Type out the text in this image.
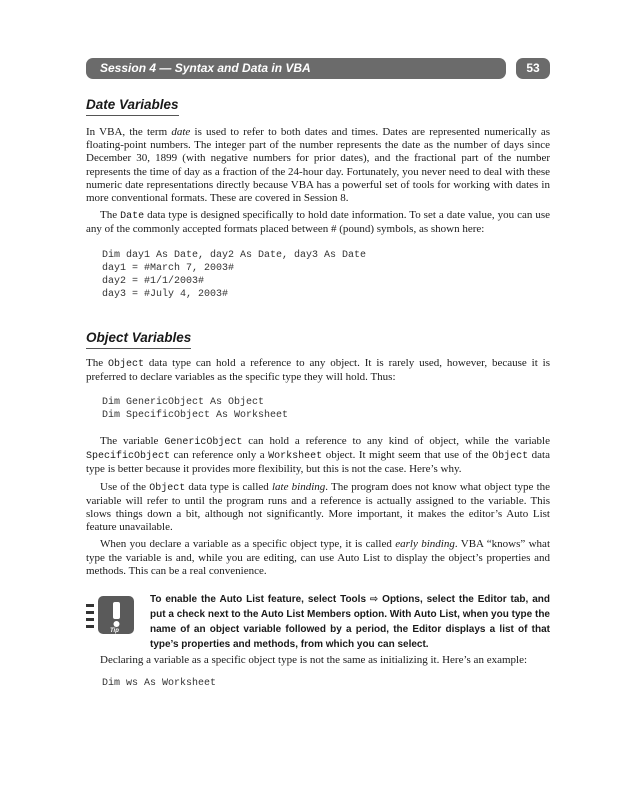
Session 4 — Syntax and Data in VBA	53
Date Variables

In VBA, the term date is used to refer to both dates and times. Dates are represented numerically as floating-point numbers. The integer part of the number represents the date as the number of days since December 30, 1899 (with negative numbers for prior dates), and the fractional part of the number represents the time of day as a fraction of the 24-hour day. Fortunately, you never need to deal with these numeric date representations directly because VBA has a powerful set of tools for working with dates in more conventional formats. These are covered in Session 8.

The Date data type is designed specifically to hold date information. To set a date value, you can use any of the commonly accepted formats placed between # (pound) symbols, as shown here:

Dim day1 As Date, day2 As Date, day3 As Date
day1 = #March 7, 2003#
day2 = #1/1/2003#
day3 = #July 4, 2003#
Object Variables

The Object data type can hold a reference to any object. It is rarely used, however, because it is preferred to declare variables as the specific type they will hold. Thus:

Dim GenericObject As Object
Dim SpecificObject As Worksheet

The variable GenericObject can hold a reference to any kind of object, while the variable SpecificObject can reference only a Worksheet object. It might seem that use of the Object data type is better because it provides more flexibility, but this is not the case. Here’s why.

Use of the Object data type is called late binding. The program does not know what object type the variable will refer to until the program runs and a reference is actually assigned to the variable. This slows things down a bit, although not significantly. More important, it makes the editor’s Auto List feature unavailable.

When you declare a variable as a specific object type, it is called early binding. VBA “knows” what type the variable is and, while you are editing, can use Auto List to display the object’s properties and methods. This can be a real convenience.

Tip
To enable the Auto List feature, select Tools ⇨ Options, select the Editor tab, and put a check next to the Auto List Members option. With Auto List, when you type the name of an object variable followed by a period, the Editor displays a list of that type’s properties and methods, from which you can select.

Declaring a variable as a specific object type is not the same as initializing it. Here’s an example:

Dim ws As Worksheet
